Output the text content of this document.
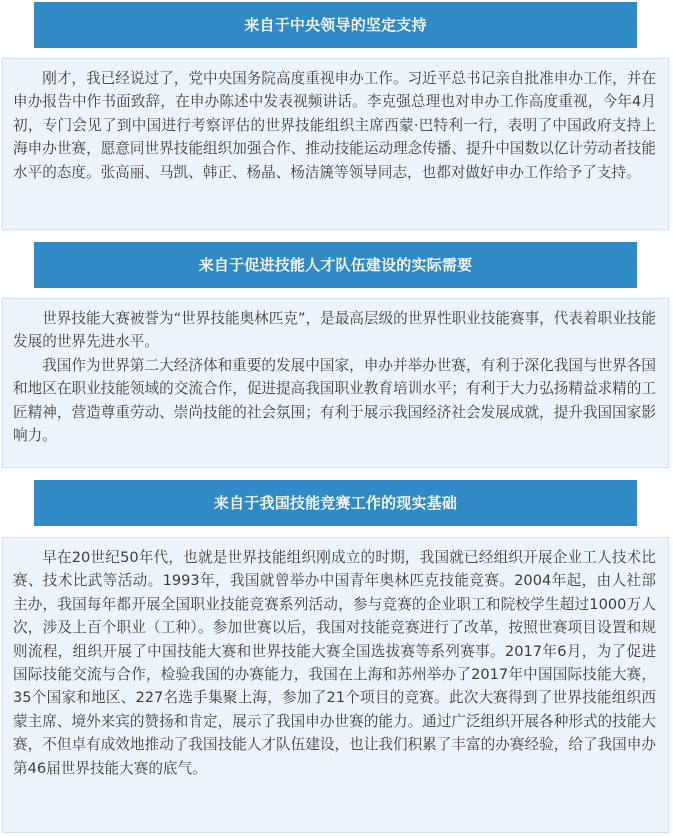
来自于中央领导的坚定支持

刚才，我已经说过了，党中央国务院高度重视申办工作。习近平总书记亲自批准申办工作，并在申办报告中作书面致辞，在申办陈述中发表视频讲话。李克强总理也对申办工作高度重视，今年4月初，专门会见了到中国进行考察评估的世界技能组织主席西蒙·巴特利一行，表明了中国政府支持上海申办世赛，愿意同世界技能组织加强合作、推动技能运动理念传播、提升中国数以亿计劳动者技能水平的态度。张高丽、马凯、韩正、杨晶、杨洁篪等领导同志，也都对做好申办工作给予了支持。

来自于促进技能人才队伍建设的实际需要

世界技能大赛被誉为“世界技能奥林匹克”，是最高层级的世界性职业技能赛事，代表着职业技能发展的世界先进水平。

我国作为世界第二大经济体和重要的发展中国家，申办并举办世赛，有利于深化我国与世界各国和地区在职业技能领域的交流合作，促进提高我国职业教育培训水平；有利于大力弘扬精益求精的工匠精神，营造尊重劳动、崇尚技能的社会氛围；有利于展示我国经济社会发展成就，提升我国国家影响力。

来自于我国技能竞赛工作的现实基础

早在20世纪50年代，也就是世界技能组织刚成立的时期，我国就已经组织开展企业工人技术比赛、技术比武等活动。1993年，我国就曾举办中国青年奥林匹克技能竞赛。2004年起，由人社部主办，我国每年都开展全国职业技能竞赛系列活动，参与竞赛的企业职工和院校学生超过1000万人次，涉及上百个职业（工种）。参加世赛以后，我国对技能竞赛进行了改革，按照世赛项目设置和规则流程，组织开展了中国技能大赛和世界技能大赛全国选拔赛等系列赛事。2017年6月，为了促进国际技能交流与合作，检验我国的办赛能力，我国在上海和苏州举办了2017年中国国际技能大赛，35个国家和地区、227名选手集聚上海，参加了21个项目的竞赛。此次大赛得到了世界技能组织西蒙主席、境外来宾的赞扬和肯定，展示了我国申办世赛的能力。通过广泛组织开展各种形式的技能大赛，不但卓有成效地推动了我国技能人才队伍建设，也让我们积累了丰富的办赛经验，给了我国申办第46届世界技能大赛的底气。
